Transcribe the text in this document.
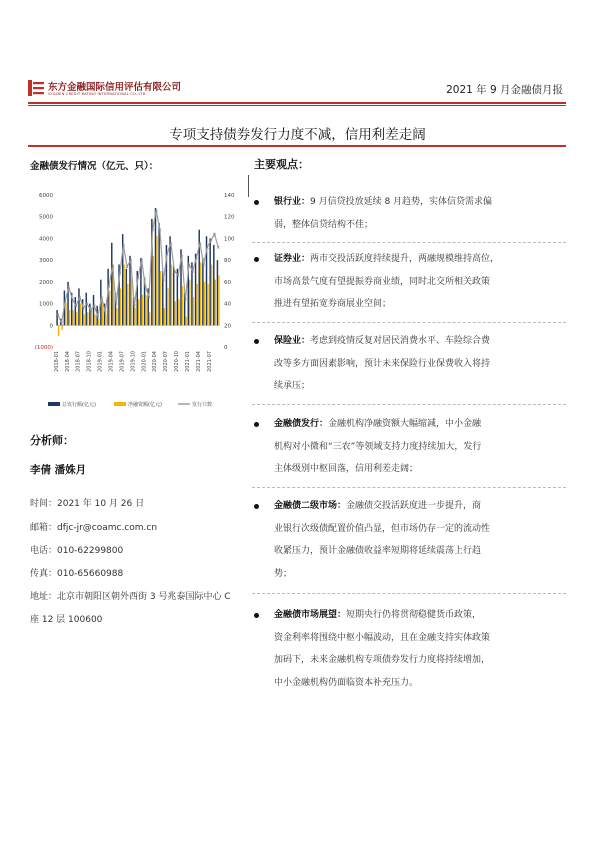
东方金融国际信用评估有限公司
GOLDEN CREDIT RATING INTERNATIONAL CO.,LTD.	2021 年 9 月金融债月报
专项支持债券发行力度不减，信用利差走阔
金融债发行情况（亿元、只）：
(1000)
0
1000
2000
3000
4000
5000
6000
0
20
40
60
80
100
120
140
×
×
×
×
×
×
×
×
×
×
×
×
×
×
×
×
×
×
×
×
×
×
×
×
×
×
×
×
×
×
×
×
×
×
×
×
×
×
×
×
×
×
×
×
×
2018-01 2018-04 2018-07 2018-10 2019-01 2019-04 2019-07 2019-10 2020-01 2020-04 2020-07 2020-10 2021-01 2021-04 2021-07
总发行额(亿元)	净融资额(亿元)	发行只数
分析师：
李倩 潘姝月
时间：2021 年 10 月 26 日
邮箱：dfjc-jr@coamc.com.cn
电话：010-62299800
传真：010-65660988
地址：北京市朝阳区朝外西街 3 号兆泰国际中心 C
座 12 层 100600
主要观点：
银行业：9 月信贷投放延续 8 月趋势，实体信贷需求偏
弱，整体信贷结构不佳；
证券业：两市交投活跃度持续提升，两融规模维持高位，
市场高景气度有望提振券商业绩，同时北交所相关政策
推进有望拓宽券商展业空间；
保险业：考虑到疫情反复对居民消费水平、车险综合费
改等多方面因素影响，预计未来保险行业保费收入将持
续承压；
金融债发行：金融机构净融资额大幅缩减，中小金融
机构对小微和“三农”等领域支持力度持续加大，发行
主体级别中枢回落，信用利差走阔；
金融债二级市场：金融债交投活跃度进一步提升，商
业银行次级债配置价值凸显，但市场仍存一定的流动性
收紧压力，预计金融债收益率短期将延续震荡上行趋
势；
金融债市场展望：短期央行仍将贯彻稳健货币政策，
资金利率将围绕中枢小幅波动，且在金融支持实体政策
加码下，未来金融机构专项债券发行力度将持续增加，
中小金融机构仍面临资本补充压力。
